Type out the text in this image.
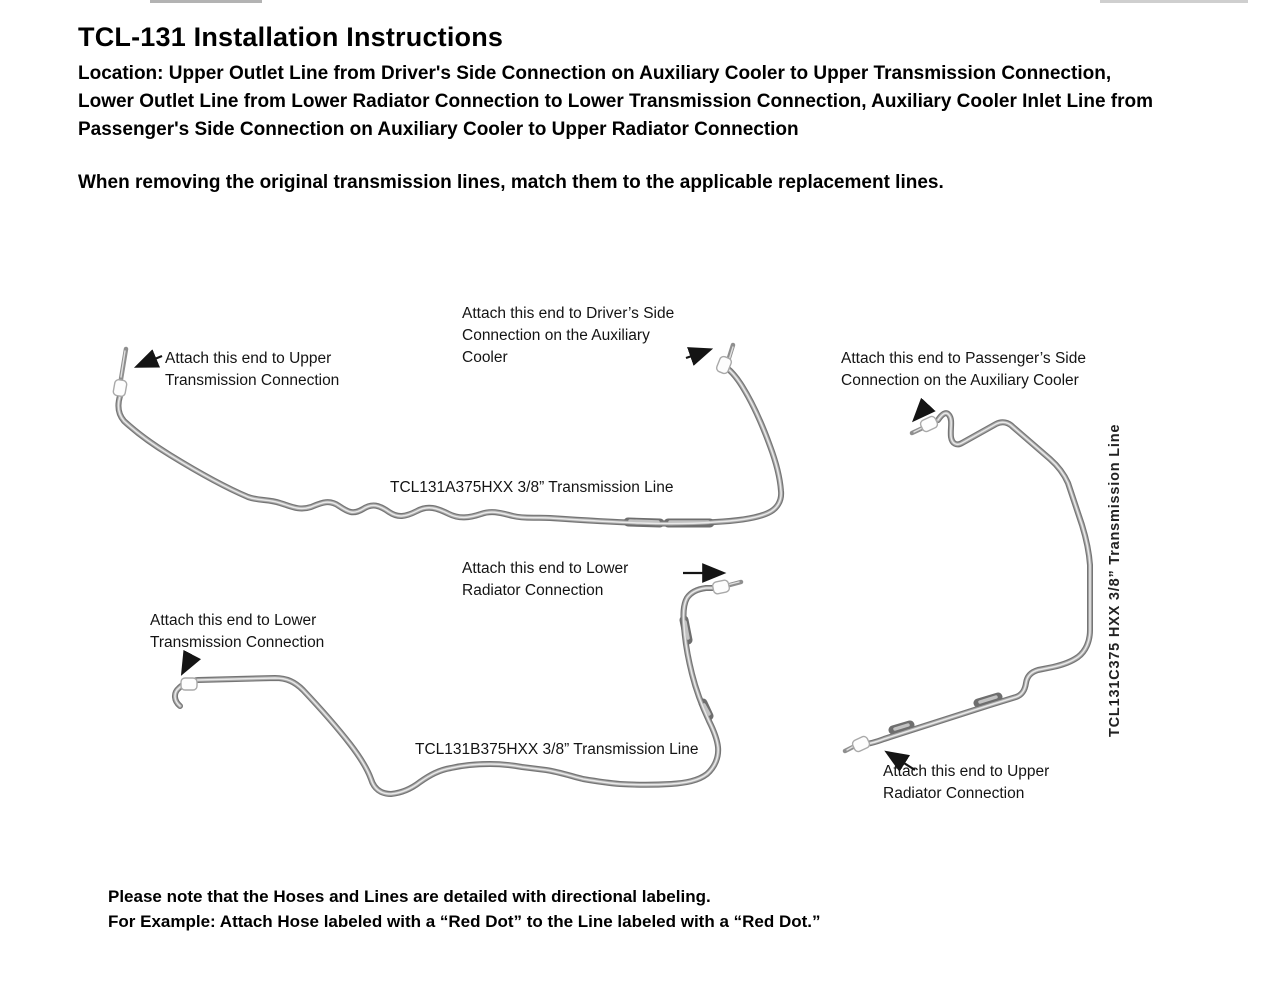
TCL-131 Installation Instructions
Location: Upper Outlet Line from Driver's Side Connection on Auxiliary Cooler to Upper Transmission Connection, Lower Outlet Line from Lower Radiator Connection to Lower Transmission Connection, Auxiliary Cooler Inlet Line from Passenger's Side Connection on Auxiliary Cooler to Upper Radiator Connection
When removing the original transmission lines, match them to the applicable replacement lines.
Attach this end to Upper Transmission Connection
Attach this end to Driver’s Side Connection on the Auxiliary Cooler	Attach this end to Passenger’s Side Connection on the Auxiliary Cooler
Attach this end to Lower Radiator Connection
Attach this end to Lower Transmission Connection
Attach this end to Upper Radiator Connection
TCL131A375HXX 3/8” Transmission Line
TCL131B375HXX 3/8” Transmission Line
TCL131C375 HXX 3/8” Transmission Line
Please note that the Hoses and Lines are detailed with directional labeling.
For Example: Attach Hose labeled with a “Red Dot” to the Line labeled with a “Red Dot.”
